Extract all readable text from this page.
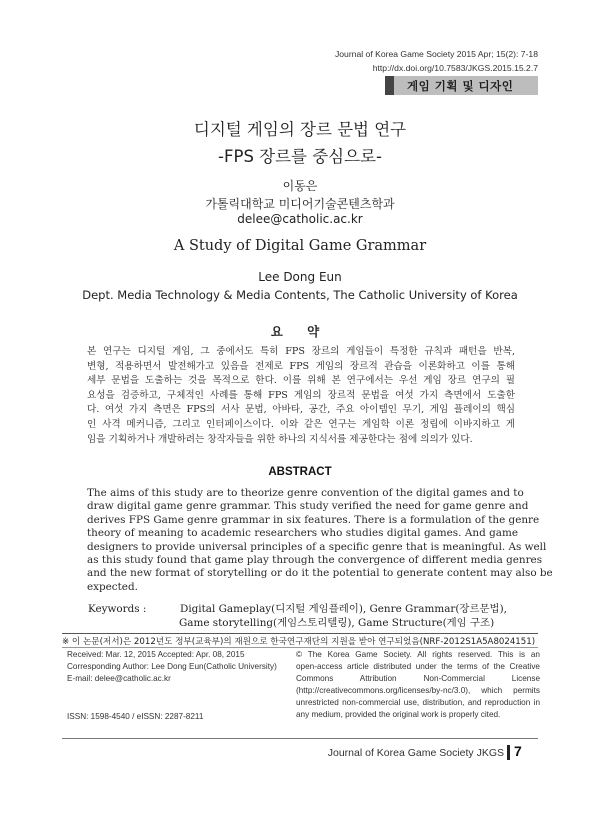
Journal of Korea Game Society 2015 Apr; 15(2): 7-18
http://dx.doi.org/10.7583/JKGS.2015.15.2.7
게임 기획 및 디자인
디지털 게임의 장르 문법 연구
-FPS 장르를 중심으로-
이동은
가톨릭대학교 미디어기술콘텐츠학과
delee@catholic.ac.kr
A Study of Digital Game Grammar
Lee Dong Eun
Dept. Media Technology & Media Contents, The Catholic University of Korea
요 약
본 연구는 디지털 게임, 그 중에서도 특히 FPS 장르의 게임들이 특정한 규칙과 패턴을 반복,
변형, 적용하면서 발전해가고 있음을 전제로 FPS 게임의 장르적 관습을 이론화하고 이를 통해
세부 문법을 도출하는 것을 목적으로 한다. 이를 위해 본 연구에서는 우선 게임 장르 연구의 필
요성을 검증하고, 구체적인 사례를 통해 FPS 게임의 장르적 문법을 여섯 가지 측면에서 도출한
다. 여섯 가지 측면은 FPS의 서사 문법, 아바타, 공간, 주요 아이템인 무기, 게임 플레이의 핵심
인 사격 메커니즘, 그리고 인터페이스이다. 이와 같은 연구는 게임학 이론 정립에 이바지하고 게
임을 기획하거나 개발하려는 창작자들을 위한 하나의 지식서를 제공한다는 점에 의의가 있다.
ABSTRACT
The aims of this study are to theorize genre convention of the digital games and to
draw digital game genre grammar. This study verified the need for game genre and
derives FPS Game genre grammar in six features. There is a formulation of the genre
theory of meaning to academic researchers who studies digital games. And game
designers to provide universal principles of a specific genre that is meaningful. As well
as this study found that game play through the convergence of different media genres
and the new format of storytelling or do it the potential to generate content may also be
expected.
Keywords :	Digital Gameplay(디지털 게임플레이), Genre Grammar(장르문법),
Game storytelling(게임스토리텔링), Game Structure(게임 구조)
※ 이 논문(저서)은 2012년도 정부(교육부)의 재원으로 한국연구재단의 지원을 받아 연구되었음(NRF-2012S1A5A8024151)
Received: Mar. 12, 2015 Accepted: Apr. 08, 2015
Corresponding Author: Lee Dong Eun(Catholic University)
E-mail: delee@catholic.ac.kr
ISSN: 1598-4540 / eISSN: 2287-8211
© The Korea Game Society. All rights reserved. This is an
open-access article distributed under the terms of the Creative
Commons Attribution Non-Commercial License
(http://creativecommons.org/licenses/by-nc/3.0), which permits
unrestricted non-commercial use, distribution, and reproduction in
any medium, provided the original work is properly cited.
Journal of Korea Game Society JKGS 7
